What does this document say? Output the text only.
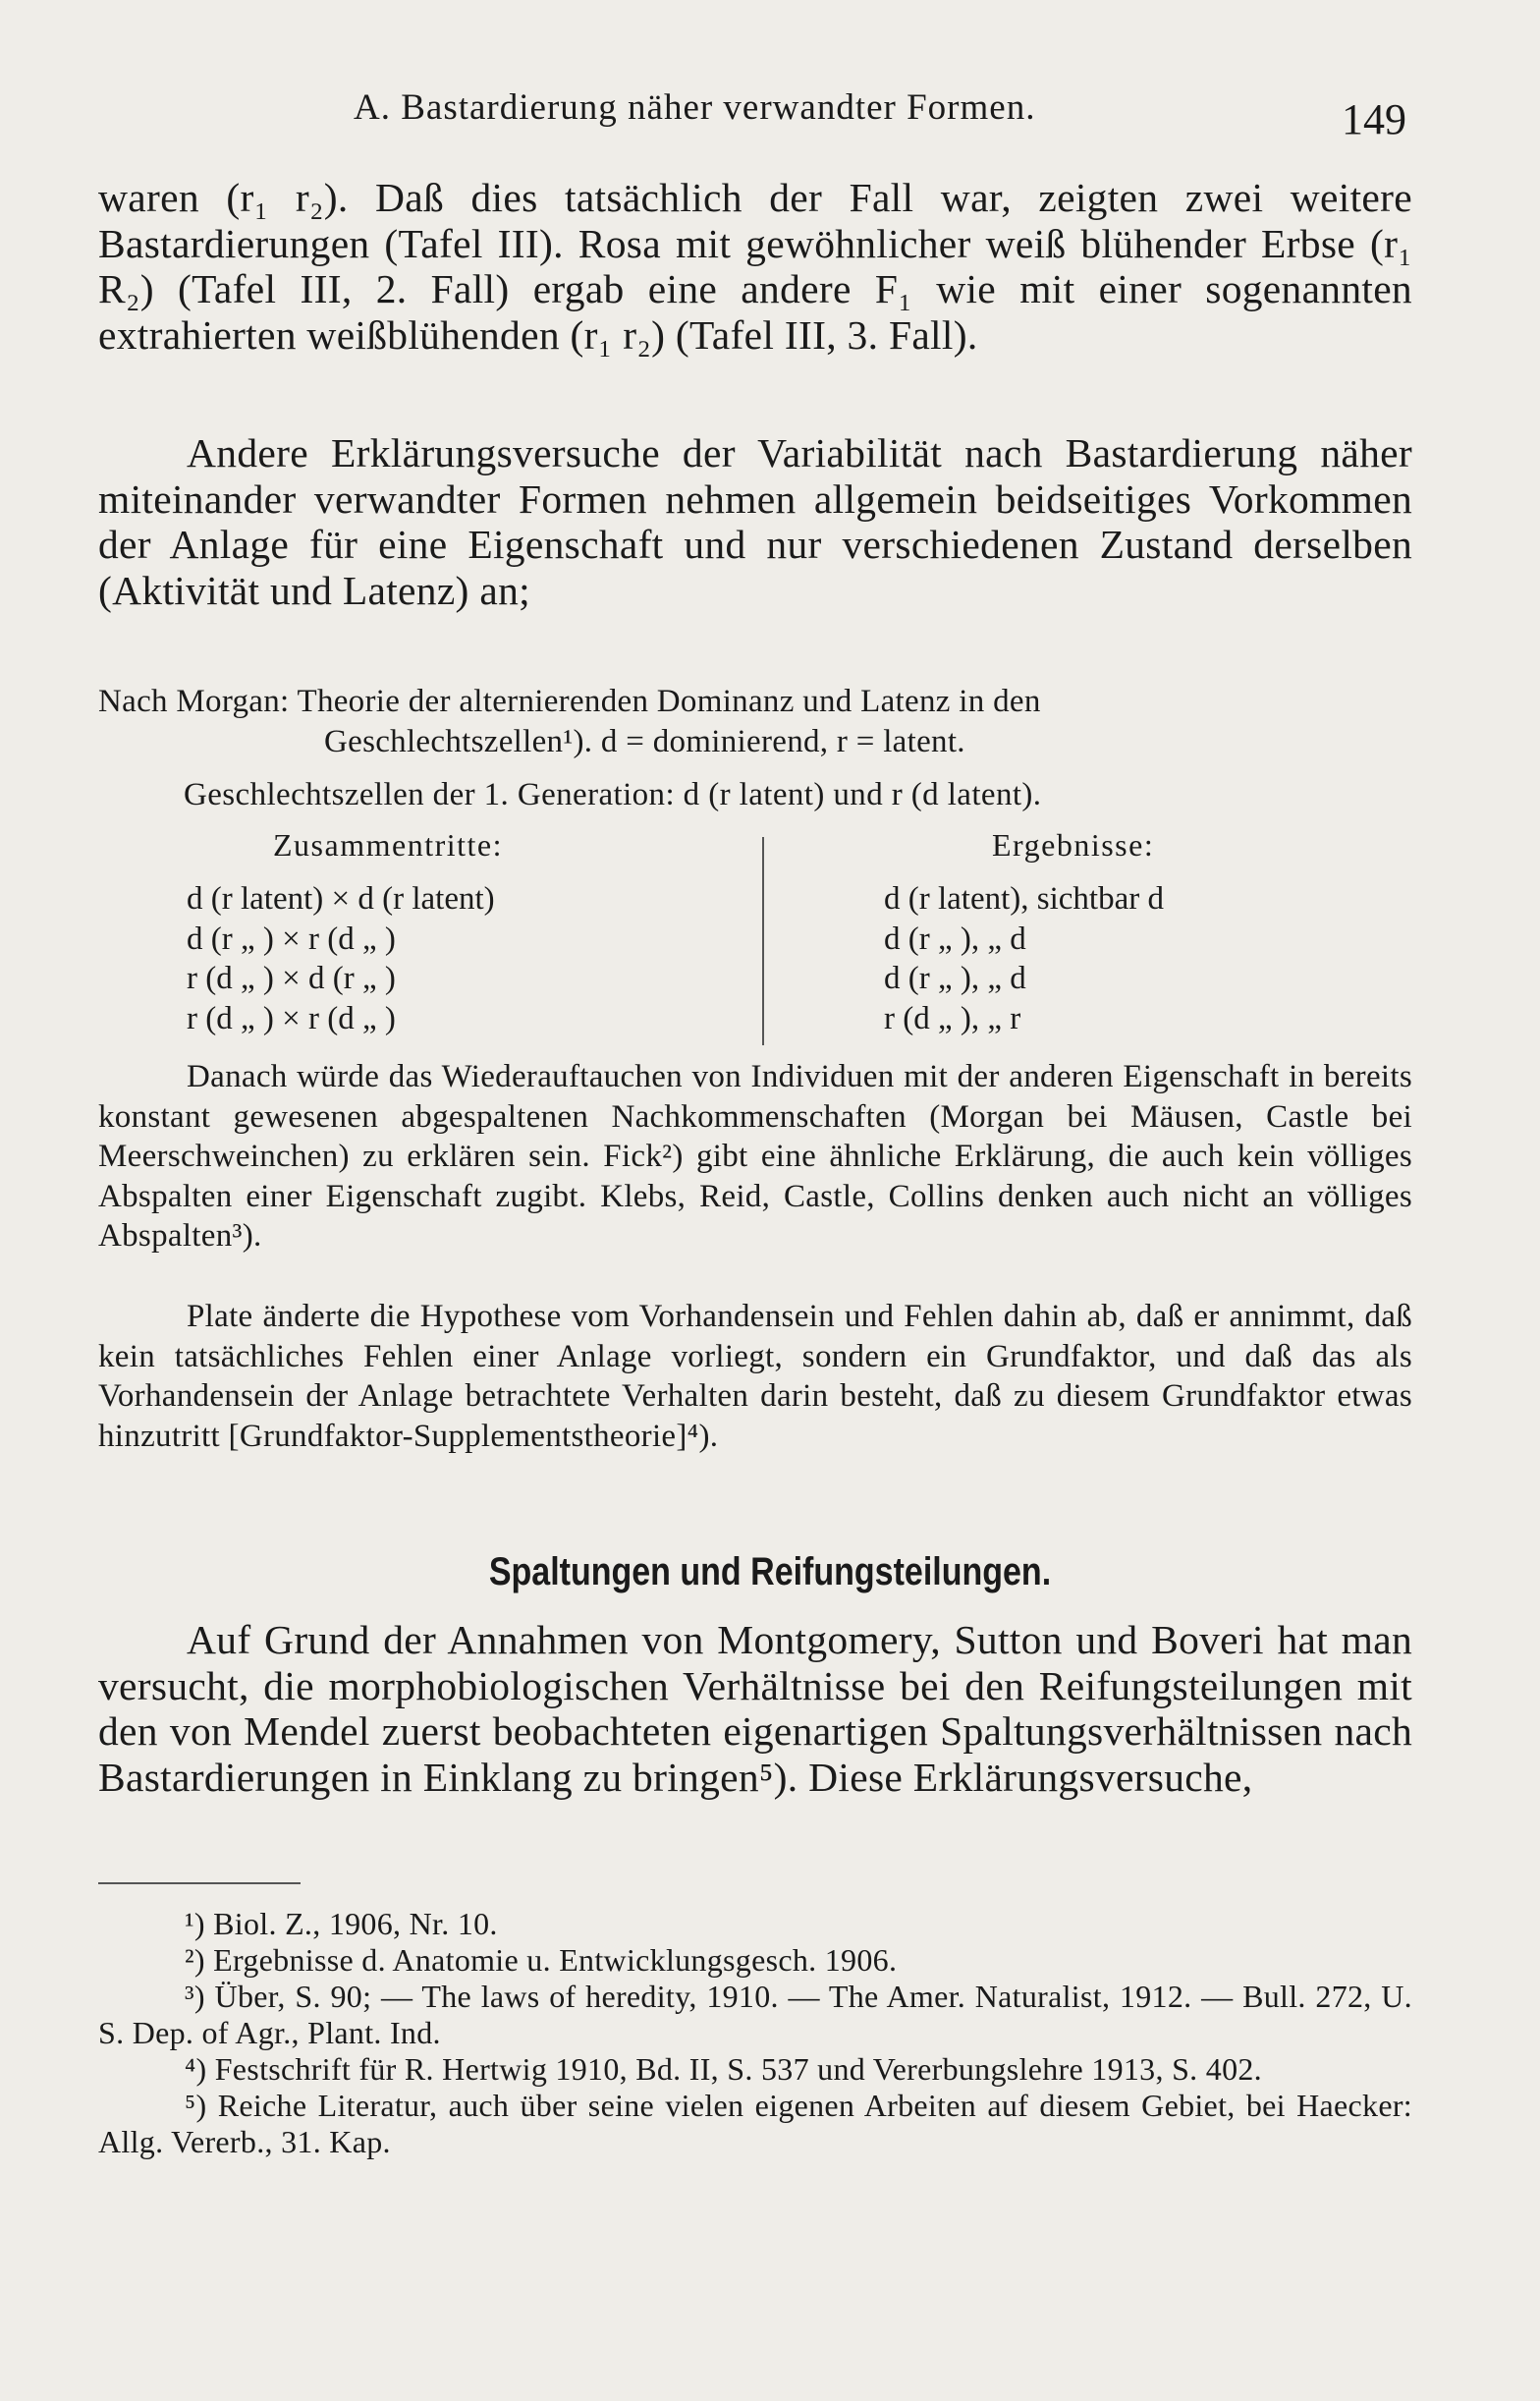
A. Bastardierung näher verwandter Formen.	149

waren (r₁ r₂). Daß dies tatsächlich der Fall war, zeigten zwei weitere Bastardierungen (Tafel III). Rosa mit gewöhnlicher weiß blühender Erbse (r₁ R₂) (Tafel III, 2. Fall) ergab eine andere F₁ wie mit einer sogenannten extrahierten weißblühenden (r₁ r₂) (Tafel III, 3. Fall).

Andere Erklärungsversuche der Variabilität nach Bastardierung näher miteinander verwandter Formen nehmen allgemein beidseitiges Vorkommen der Anlage für eine Eigenschaft und nur verschiedenen Zustand derselben (Aktivität und Latenz) an;

Nach Morgan: Theorie der alternierenden Dominanz und Latenz in den
Geschlechtszellen¹). d = dominierend, r = latent.
Geschlechtszellen der 1. Generation: d (r latent) und r (d latent).
Zusammentritte:
d (r latent) × d (r latent)
d (r „ ) × r (d „ )
r (d „ ) × d (r „ )
r (d „ ) × r (d „ )
Ergebnisse:
d (r latent), sichtbar d
d (r „ ), „ d
d (r „ ), „ d
r (d „ ), „ r

Danach würde das Wiederauftauchen von Individuen mit der anderen Eigenschaft in bereits konstant gewesenen abgespaltenen Nachkommenschaften (Morgan bei Mäusen, Castle bei Meerschweinchen) zu erklären sein. Fick²) gibt eine ähnliche Erklärung, die auch kein völliges Abspalten einer Eigenschaft zugibt. Klebs, Reid, Castle, Collins denken auch nicht an völliges Abspalten³).

Plate änderte die Hypothese vom Vorhandensein und Fehlen dahin ab, daß er annimmt, daß kein tatsächliches Fehlen einer Anlage vorliegt, sondern ein Grundfaktor, und daß das als Vorhandensein der Anlage betrachtete Verhalten darin besteht, daß zu diesem Grundfaktor etwas hinzutritt [Grundfaktor-Supplementstheorie]⁴).

Spaltungen und Reifungsteilungen.

Auf Grund der Annahmen von Montgomery, Sutton und Boveri hat man versucht, die morphobiologischen Verhältnisse bei den Reifungsteilungen mit den von Mendel zuerst beobachteten eigenartigen Spaltungsverhältnissen nach Bastardierungen in Einklang zu bringen⁵). Diese Erklärungsversuche,

¹) Biol. Z., 1906, Nr. 10.

²) Ergebnisse d. Anatomie u. Entwicklungsgesch. 1906.

³) Über, S. 90; — The laws of heredity, 1910. — The Amer. Naturalist, 1912. — Bull. 272, U. S. Dep. of Agr., Plant. Ind.

⁴) Festschrift für R. Hertwig 1910, Bd. II, S. 537 und Vererbungslehre 1913, S. 402.

⁵) Reiche Literatur, auch über seine vielen eigenen Arbeiten auf diesem Gebiet, bei Haecker: Allg. Vererb., 31. Kap.
